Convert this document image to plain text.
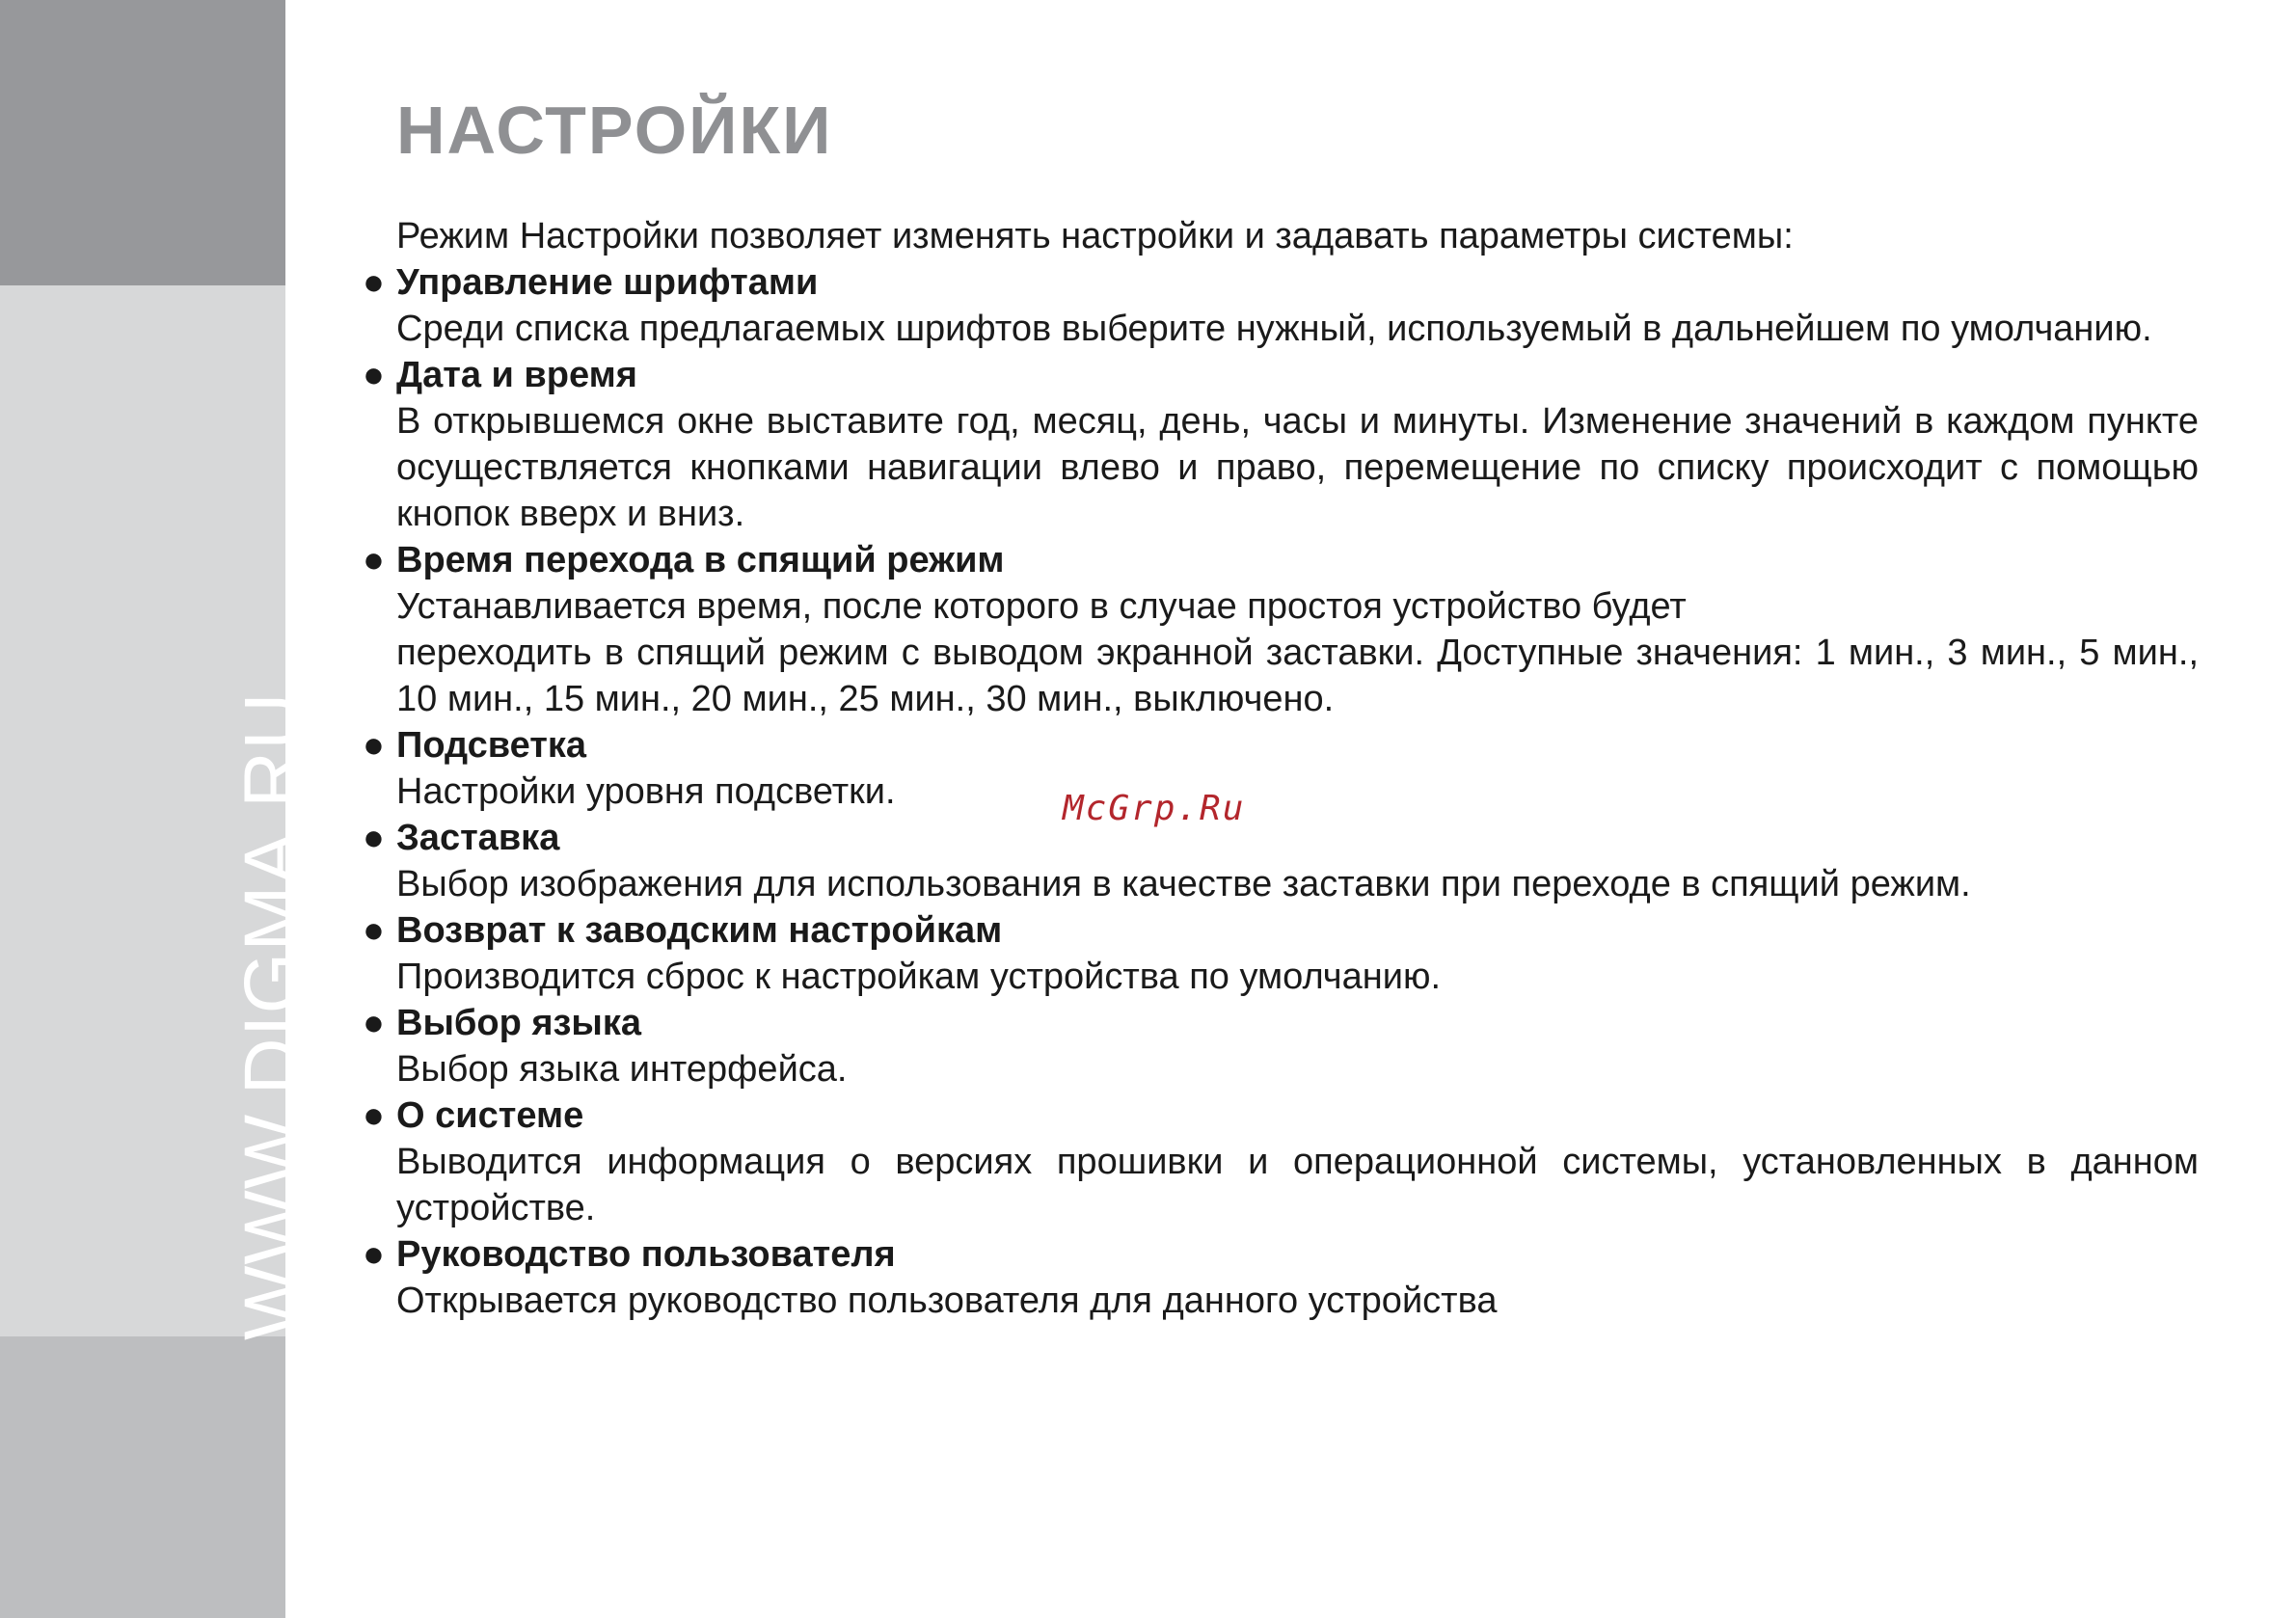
WWW.DIGMA.RU
НАСТРОЙКИ

Режим Настройки позволяет изменять настройки и задавать параметры системы:

● Управление шрифтами

Среди списка предлагаемых шрифтов выберите нужный, используемый в дальнейшем по умолчанию.

● Дата и время

В открывшемся окне выставите год, месяц, день, часы и минуты. Изменение значений в каждом пункте осуществляется кнопками навигации влево и право, перемещение по списку происходит с помощью кнопок вверх и вниз.

● Время перехода в спящий режим

Устанавливается время, после которого в случае простоя устройство будет

переходить в спящий режим с выводом экранной заставки. Доступные значения: 1 мин., 3 мин., 5 мин., 10 мин., 15 мин., 20 мин., 25 мин., 30 мин., выключено.

● Подсветка

Настройки уровня подсветки.

● Заставка

Выбор изображения для использования в качестве заставки при переходе в спящий режим.

● Возврат к заводским настройкам

Производится сброс к настройкам устройства по умолчанию.

● Выбор языка

Выбор языка интерфейса.

● О системе

Выводится информация о версиях прошивки и операционной системы, установленных в данном устройстве.

● Руководство пользователя

Открывается руководство пользователя для данного устройства

McGrp.Ru
